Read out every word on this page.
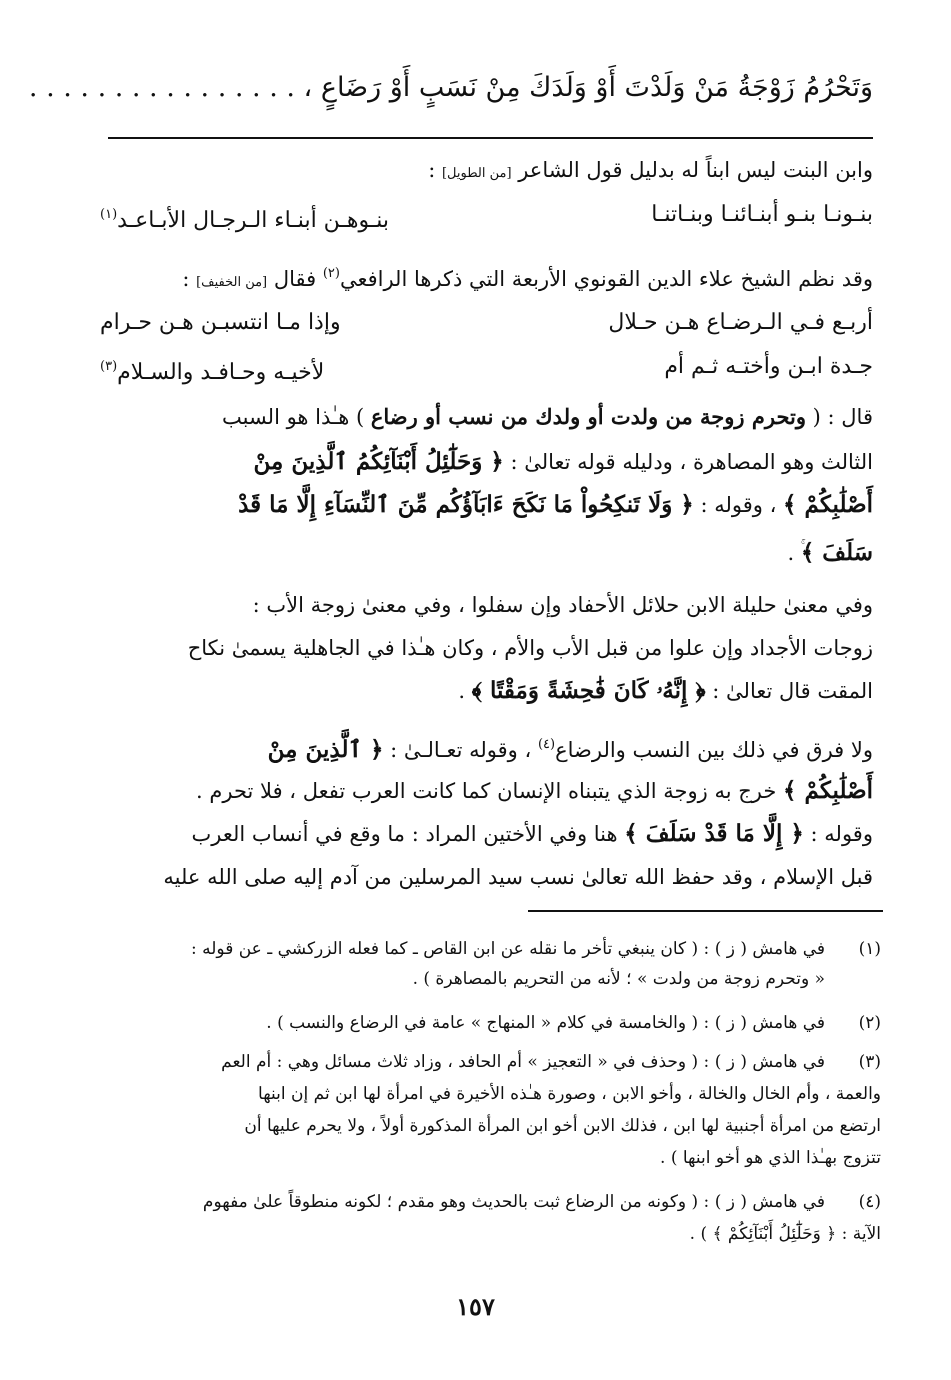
وَتَحْرُمُ زَوْجَةُ مَنْ وَلَدْتَ أَوْ وَلَدَكَ مِنْ نَسَبٍ أَوْ رَضَاعٍ ، . . . . . . . . . . . . . . . .
وابن البنت ليس ابناً له بدليل قول الشاعر [من الطويل] :
بنـونـا بنـو أبنـائنـا وبنـاتنـا
بنـوهـن أبنـاء الـرجـال الأبـاعـد$^{(١)}$
وقد نظم الشيخ علاء الدين القونوي الأربعة التي ذكرها الرافعي$^{(٢)}$ فقال [من الخفيف] :
أربـع فـي الـرضـاع هـن حـلال
وإذا مـا انتسبـن هـن حـرام
جـدة ابـن وأختـه ثـم أم
لأخيـه وحـافـد والسـلام$^{(٣)}$
قال : ( وتحرم زوجة من ولدت أو ولدك من نسب أو رضاع ) هـٰذا هو السبب
الثالث وهو المصاهرة ، ودليله قوله تعالىٰ : ﴿ وَحَلَٰٓئِلُ أَبْنَآئِكُمُ ٱلَّذِينَ مِنْ
أَصْلَٰبِكُمْ ﴾ ، وقوله : ﴿ وَلَا تَنكِحُواْ مَا نَكَحَ ءَابَآؤُكُم مِّنَ ٱلنِّسَآءِ إِلَّا مَا قَدْ
سَلَفَ ﴾ .
وفي معنىٰ حليلة الابن حلائل الأحفاد وإن سفلوا ، وفي معنىٰ زوجة الأب :
زوجات الأجداد وإن علوا من قبل الأب والأم ، وكان هـٰذا في الجاهلية يسمىٰ نكاح
المقت قال تعالىٰ : ﴿ إِنَّهُۥ كَانَ فَٰحِشَةً وَمَقْتًا ﴾ .
ولا فرق في ذلك بين النسب والرضاع$^{(٤)}$ ، وقوله تعـالـىٰ : ﴿ ٱلَّذِينَ مِنْ
أَصْلَٰبِكُمْ ﴾ خرج به زوجة الذي يتبناه الإنسان كما كانت العرب تفعل ، فلا تحرم .
وقوله : ﴿ إِلَّا مَا قَدْ سَلَفَ ﴾ هنا وفي الأختين المراد : ما وقع في أنساب العرب
قبل الإسلام ، وقد حفظ الله تعالىٰ نسب سيد المرسلين من آدم إليه صلى الله عليه
(١)
في هامش ( ز ) : ( كان ينبغي تأخر ما نقله عن ابن القاص ـ كما فعله الزركشي ـ عن قوله :
« وتحرم زوجة من ولدت » ؛ لأنه من التحريم بالمصاهرة ) .
(٢)
في هامش ( ز ) : ( والخامسة في كلام « المنهاج » عامة في الرضاع والنسب ) .
(٣)
في هامش ( ز ) : ( وحذف في « التعجيز » أم الحافد ، وزاد ثلاث مسائل وهي : أم العم
والعمة ، وأم الخال والخالة ، وأخو الابن ، وصورة هـٰذه الأخيرة في امرأة لها ابن ثم إن ابنها
ارتضع من امرأة أجنبية لها ابن ، فذلك الابن أخو ابن المرأة المذكورة أولاً ، ولا يحرم عليها أن
تتزوج بهـٰذا الذي هو أخو ابنها ) .
(٤)
في هامش ( ز ) : ( وكونه من الرضاع ثبت بالحديث وهو مقدم ؛ لكونه منطوقاً علىٰ مفهوم
الآية : ﴿ وَحَلَٰٓئِلُ أَبْنَآئِكُمْ ﴾ ) .
١٥٧
